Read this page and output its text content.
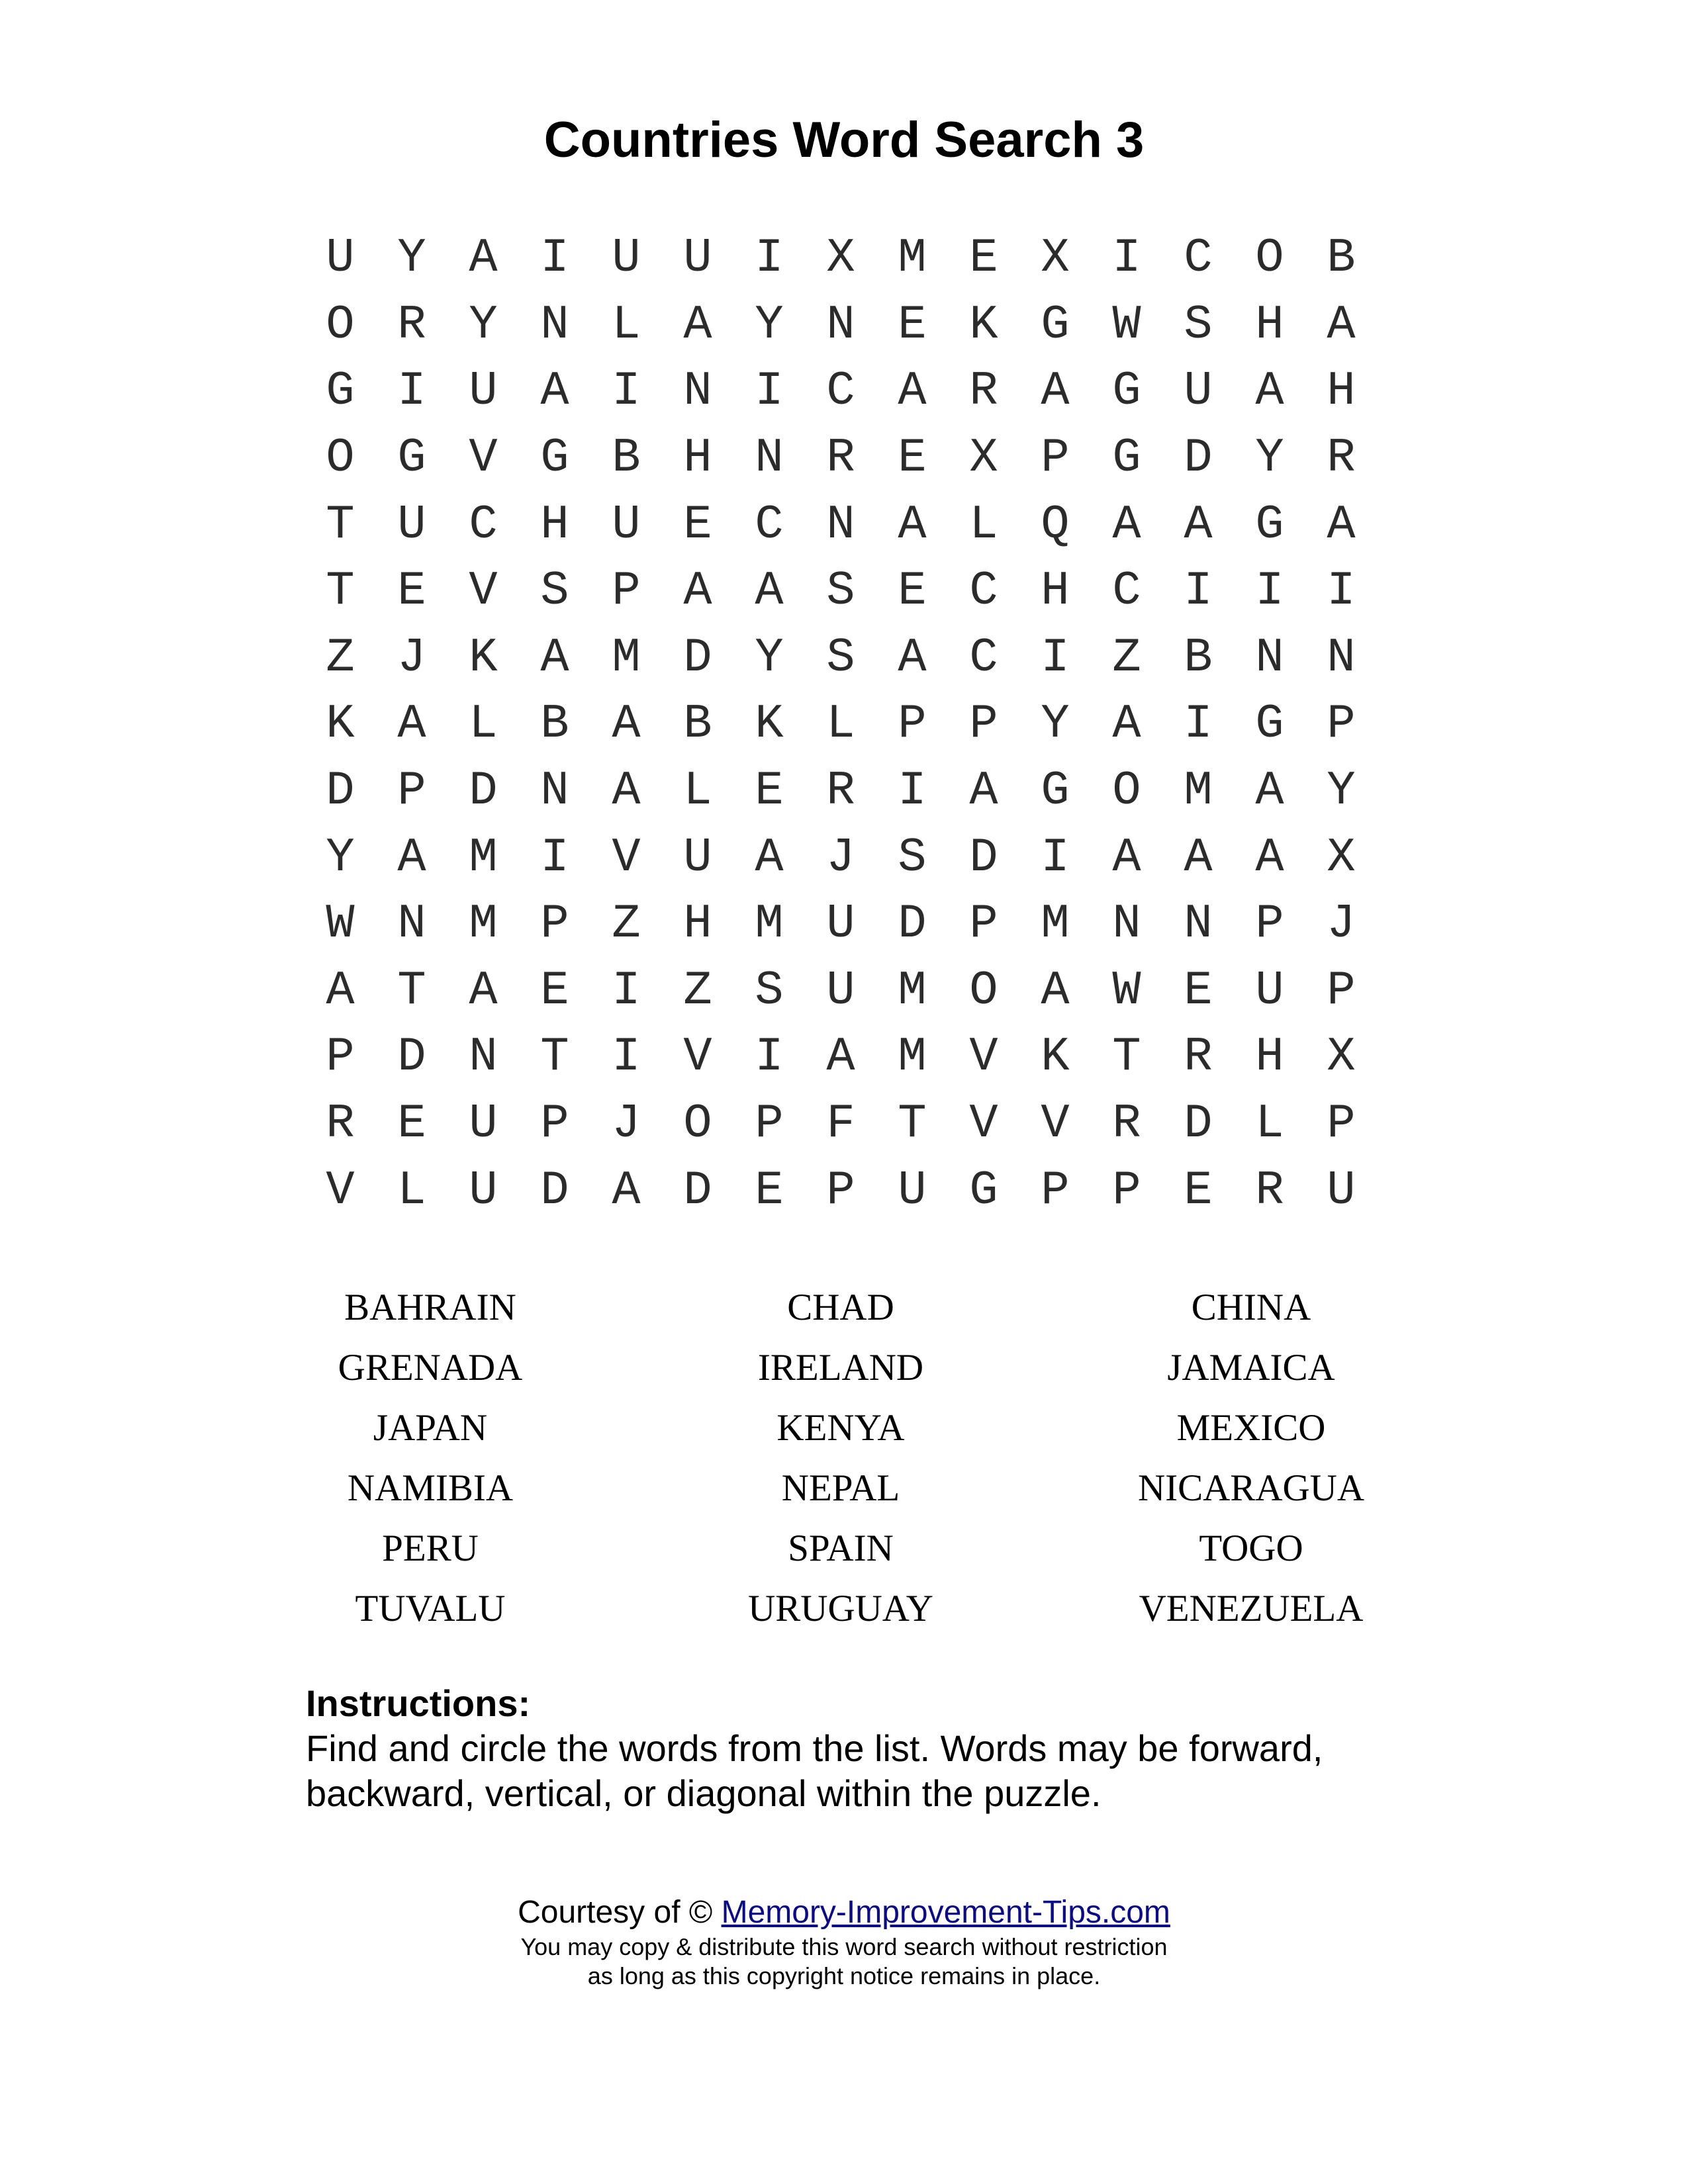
Countries Word Search 3
U Y A I U U I X M E X I C O B
O R Y N L A Y N E K G W S H A
G I U A I N I C A R A G U A H
O G V G B H N R E X P G D Y R
T U C H U E C N A L Q A A G A
T E V S P A A S E C H C I I I
Z J K A M D Y S A C I Z B N N
K A L B A B K L P P Y A I G P
D P D N A L E R I A G O M A Y
Y A M I V U A J S D I A A A X
W N M P Z H M U D P M N N P J
A T A E I Z S U M O A W E U P
P D N T I V I A M V K T R H X
R E U P J O P F T V V R D L P
V L U D A D E P U G P P E R U
BAHRAIN	CHAD	CHINA
GRENADA	IRELAND	JAMAICA
JAPAN	KENYA	MEXICO
NAMIBIA	NEPAL	NICARAGUA
PERU	SPAIN	TOGO
TUVALU	URUGUAY	VENEZUELA
Instructions:
Find and circle the words from the list. Words may be forward, backward, vertical, or diagonal within the puzzle.
Courtesy of © Memory-Improvement-Tips.com
You may copy & distribute this word search without restriction
as long as this copyright notice remains in place.
